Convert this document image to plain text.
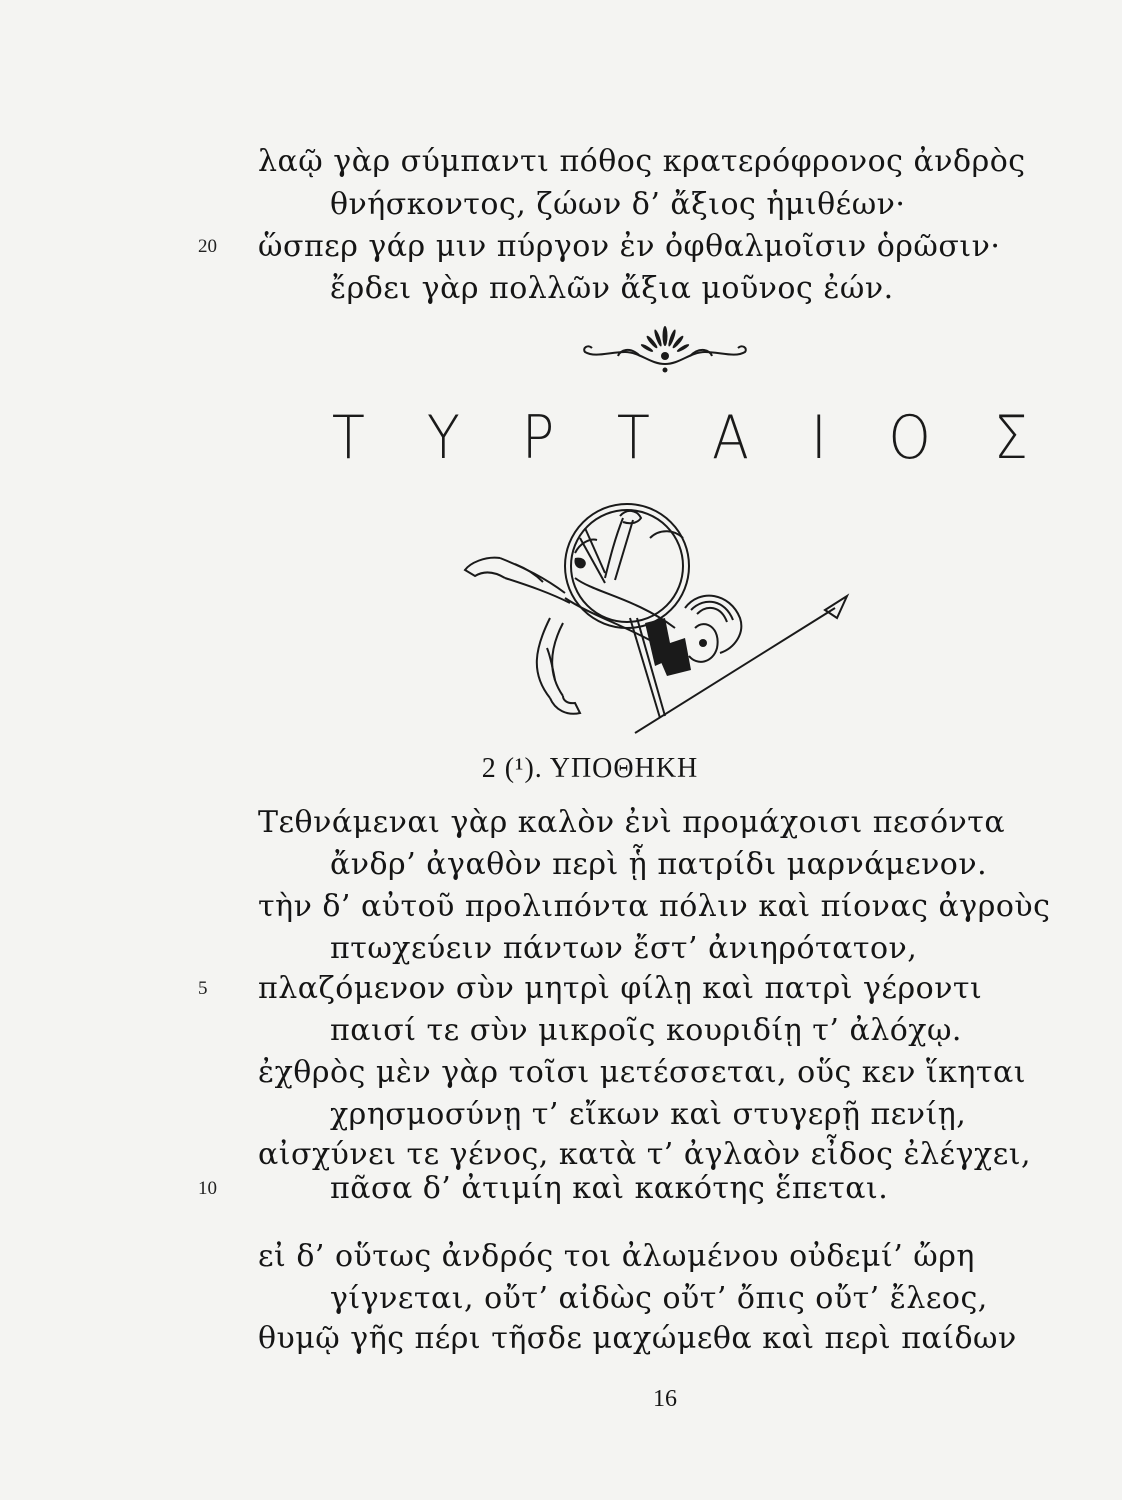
λαῷ γὰρ σύμπαντι πόθος κρατερόφρονος ἀνδρὸς
θνήσκοντος, ζώων δ’ ἄξιος ἡμιθέων·
20 ὥσπερ γάρ μιν πύργον ἐν ὀφθαλμοῖσιν ὁρῶσιν·
ἔρδει γὰρ πολλῶν ἄξια μοῦνος ἐών.
Τ Υ Ρ Τ Α Ι Ο Σ
2 (¹). ΥΠΟΘΗΚΗ
Τεθνάμεναι γὰρ καλὸν ἐνὶ προμάχοισι πεσόντα
ἄνδρ’ ἀγαθὸν περὶ ᾗ πατρίδι μαρνάμενον.
τὴν δ’ αὐτοῦ προλιπόντα πόλιν καὶ πίονας ἀγροὺς
πτωχεύειν πάντων ἔστ’ ἀνιηρότατον,
5 πλαζόμενον σὺν μητρὶ φίλῃ καὶ πατρὶ γέροντι
παισί τε σὺν μικροῖς κουριδίῃ τ’ ἀλόχῳ.
ἐχθρὸς μὲν γὰρ τοῖσι μετέσσεται, οὕς κεν ἵκηται
χρησμοσύνῃ τ’ εἴκων καὶ στυγερῇ πενίῃ,
αἰσχύνει τε γένος, κατὰ τ’ ἀγλαὸν εἶδος ἐλέγχει,
10	πᾶσα δ’ ἀτιμίη καὶ κακότης ἕπεται.
εἰ δ’ οὕτως ἀνδρός τοι ἀλωμένου οὐδεμί’ ὤρη
γίγνεται, οὔτ’ αἰδὼς οὔτ’ ὄπις οὔτ’ ἔλεος,
θυμῷ γῆς πέρι τῆσδε μαχώμεθα καὶ περὶ παίδων
16
